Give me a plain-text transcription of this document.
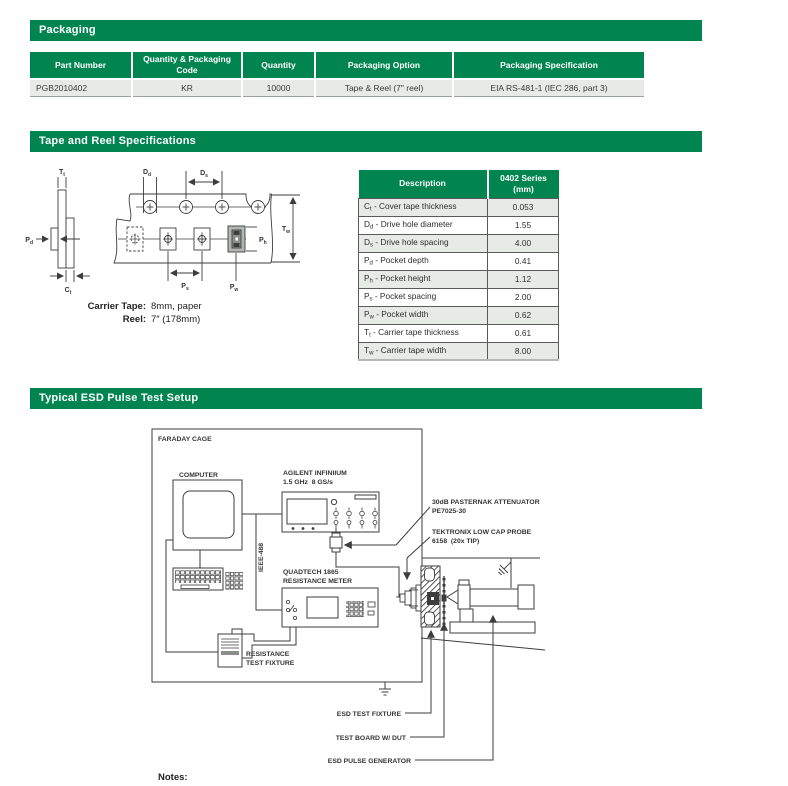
Packaging
Part Number	Quantity & Packaging Code	Quantity	Packaging Option	Packaging Specification
PGB2010402	KR	10000	Tape & Reel (7″ reel)	EIA RS-481-1 (IEC 286, part 3)
Tape and Reel Specifications
$T_t$
$P_d$
$C_t$
$D_d$	$D_s$
$T_w$
$P_h$
$P_s$	$P_w$
Carrier Tape: 8mm, paper
Reel: 7″ (178mm)
Description	0402 Series
(mm)

$C_t$ - Cover tape thickness	0.053
$D_d$ - Drive hole diameter	1.55
$D_s$ - Drive hole spacing	4.00
$P_d$ - Pocket depth	0.41
$P_h$ - Pocket height	1.12
$P_s$ - Pocket spacing	2.00
$P_w$ - Pocket width	0.62
$T_t$ - Carrier tape thickness	0.61
$T_w$ - Carrier tape width	8.00
Typical ESD Pulse Test Setup
FARADAY CAGE
COMPUTER	AGILENT INFINIIUM
1.5 GHz  8 GS/s
IEEE-488
QUADTECH 1865
RESISTANCE METER
RESISTANCE
TEST FIXTURE
30dB PASTERNAK ATTENUATOR
PE7025-30
TEKTRONIX LOW CAP PROBE
6158  (20x TIP)
ESD TEST FIXTURE
TEST BOARD W/ DUT
ESD PULSE GENERATOR
Notes:
